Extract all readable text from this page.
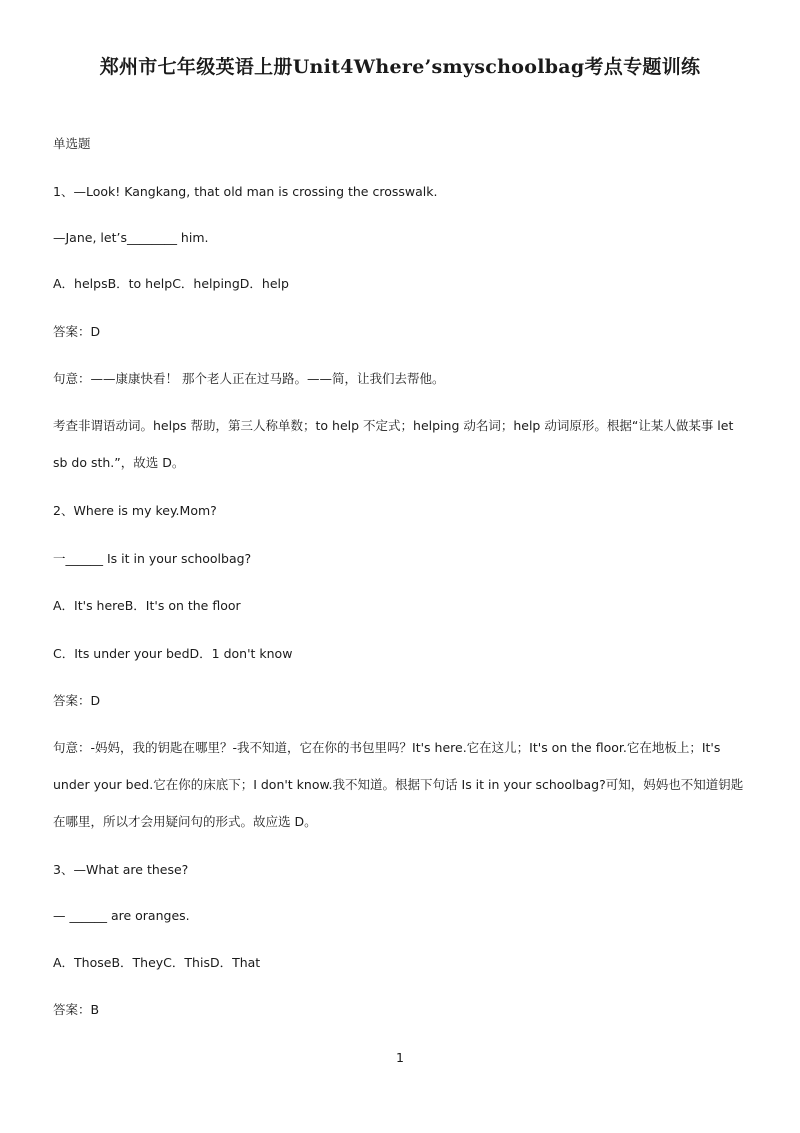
郑州市七年级英语上册Unit4Where’smyschoolbag考点专题训练
单选题
1、—Look! Kangkang, that old man is crossing the crosswalk.
—Jane, let’s________ him.
A．helpsB．to helpC．helpingD．help
答案：D
句意：——康康快看！ 那个老人正在过马路。——简，让我们去帮他。
考查非谓语动词。helps 帮助，第三人称单数；to help 不定式；helping 动名词；help 动词原形。根据“让某人做某事 let sb do sth.”，故选 D。
2、Where is my key.Mom?
一______ Is it in your schoolbag?
A．It's hereB．It's on the floor
C．Its under your bedD．1 don't know
答案：D
句意：-妈妈，我的钥匙在哪里？-我不知道，它在你的书包里吗？It's here.它在这儿；It's on the floor.它在地板上；It's under your bed.它在你的床底下；I don't know.我不知道。根据下句话 Is it in your schoolbag?可知，妈妈也不知道钥匙在哪里，所以才会用疑问句的形式。故应选 D。
3、—What are these?
— ______ are oranges.
A．ThoseB．TheyC．ThisD．That
答案：B
1
